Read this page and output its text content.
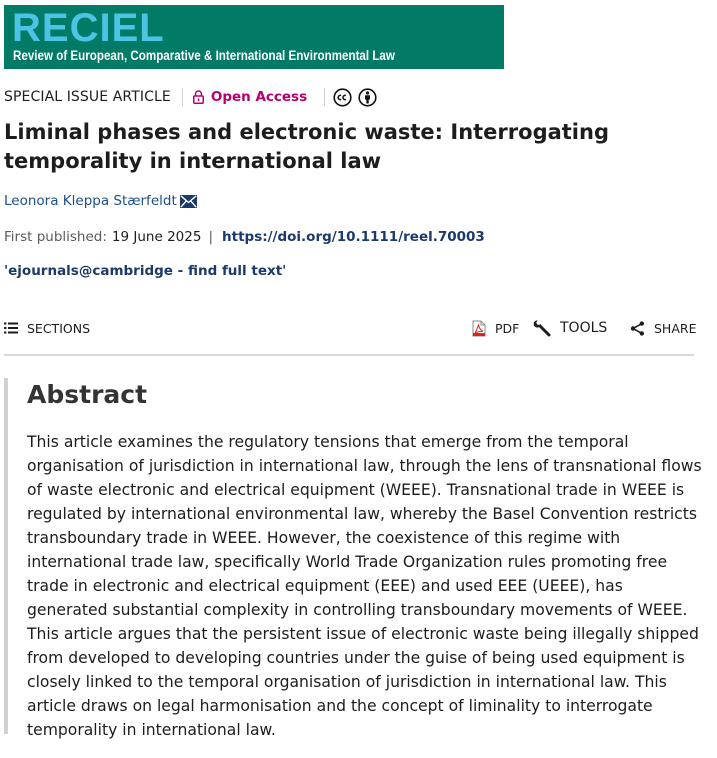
RECIEL
Review of European, Comparative & International Environmental Law
SPECIAL ISSUE ARTICLE	Open Access
Liminal phases and electronic waste: Interrogating temporality in international law
Leonora Kleppa Stærfeldt
First published: 19 June 2025 | https://doi.org/10.1111/reel.70003
'ejournals@cambridge - find full text'
SECTIONS	PDF	TOOLS	SHARE
Abstract

This article examines the regulatory tensions that emerge from the temporal organisation of jurisdiction in international law, through the lens of transnational flows of waste electronic and electrical equipment (WEEE). Transnational trade in WEEE is regulated by international environmental law, whereby the Basel Convention restricts transboundary trade in WEEE. However, the coexistence of this regime with international trade law, specifically World Trade Organization rules promoting free trade in electronic and electrical equipment (EEE) and used EEE (UEEE), has generated substantial complexity in controlling transboundary movements of WEEE. This article argues that the persistent issue of electronic waste being illegally shipped from developed to developing countries under the guise of being used equipment is closely linked to the temporal organisation of jurisdiction in international law. This article draws on legal harmonisation and the concept of liminality to interrogate temporality in international law.
